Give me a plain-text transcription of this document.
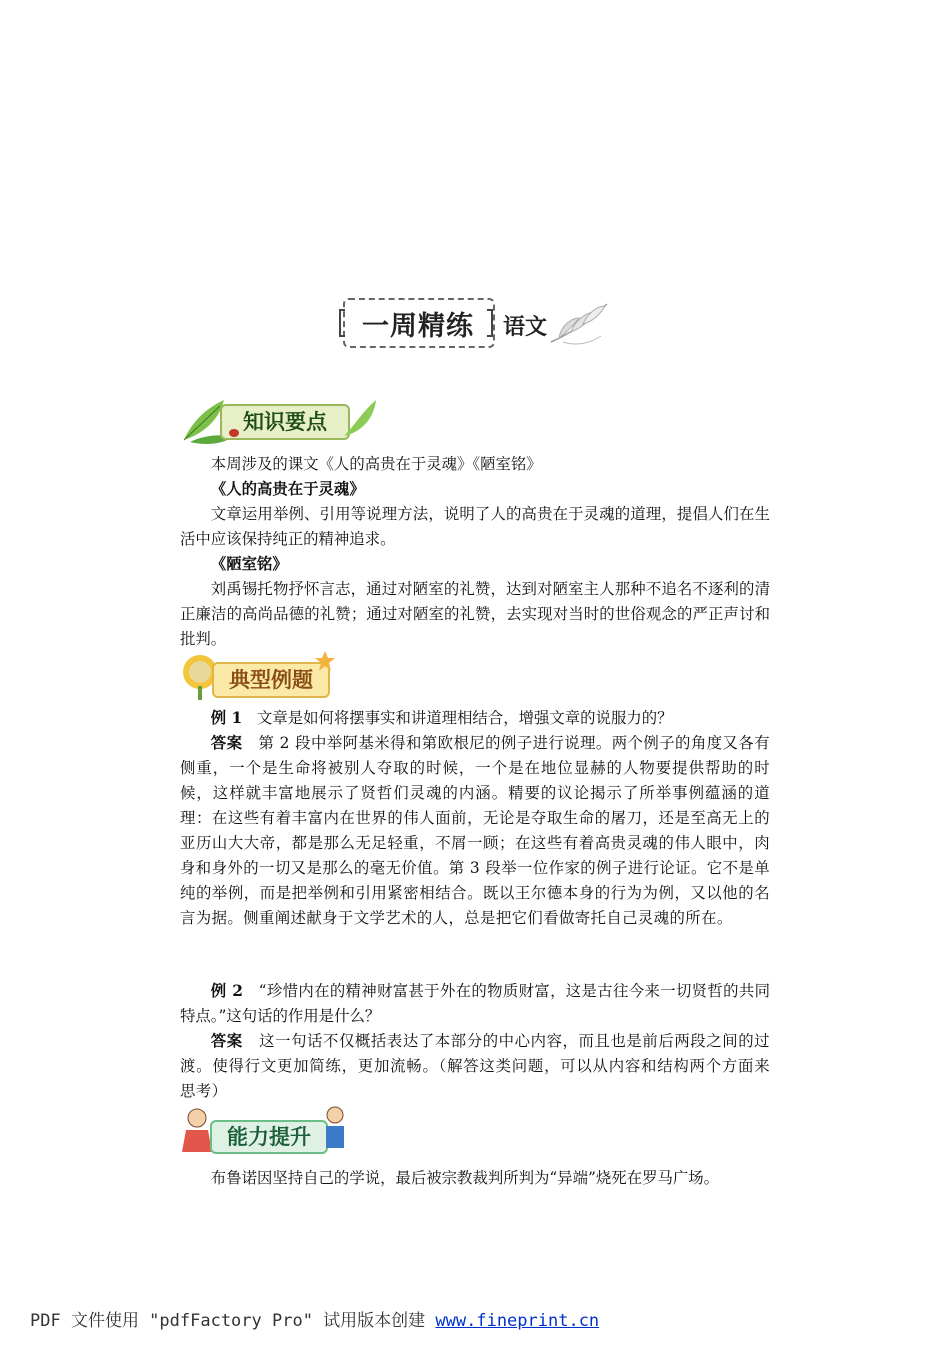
一周精练	语文
知识要点
本周涉及的课文《人的高贵在于灵魂》《陋室铭》
《人的高贵在于灵魂》
文章运用举例、引用等说理方法，说明了人的高贵在于灵魂的道理，提倡人们在生活中应该保持纯正的精神追求。
《陋室铭》
刘禹锡托物抒怀言志，通过对陋室的礼赞，达到对陋室主人那种不追名不逐利的清正廉洁的高尚品德的礼赞；通过对陋室的礼赞，去实现对当时的世俗观念的严正声讨和批判。
典型例题
例 1 文章是如何将摆事实和讲道理相结合，增强文章的说服力的？
答案 第 2 段中举阿基米得和第欧根尼的例子进行说理。两个例子的角度又各有侧重，一个是生命将被别人夺取的时候，一个是在地位显赫的人物要提供帮助的时候，这样就丰富地展示了贤哲们灵魂的内涵。精要的议论揭示了所举事例蕴涵的道理：在这些有着丰富内在世界的伟人面前，无论是夺取生命的屠刀，还是至高无上的亚历山大大帝，都是那么无足轻重，不屑一顾；在这些有着高贵灵魂的伟人眼中，肉身和身外的一切又是那么的毫无价值。第 3 段举一位作家的例子进行论证。它不是单纯的举例，而是把举例和引用紧密相结合。既以王尔德本身的行为为例，又以他的名言为据。侧重阐述献身于文学艺术的人，总是把它们看做寄托自己灵魂的所在。
例 2 “珍惜内在的精神财富甚于外在的物质财富，这是古往今来一切贤哲的共同特点。”这句话的作用是什么？
答案 这一句话不仅概括表达了本部分的中心内容，而且也是前后两段之间的过渡。使得行文更加简练，更加流畅。（解答这类问题，可以从内容和结构两个方面来思考）
能力提升
布鲁诺因坚持自己的学说，最后被宗教裁判所判为“异端”烧死在罗马广场。
PDF 文件使用 "pdfFactory Pro" 试用版本创建 www.fineprint.cn
